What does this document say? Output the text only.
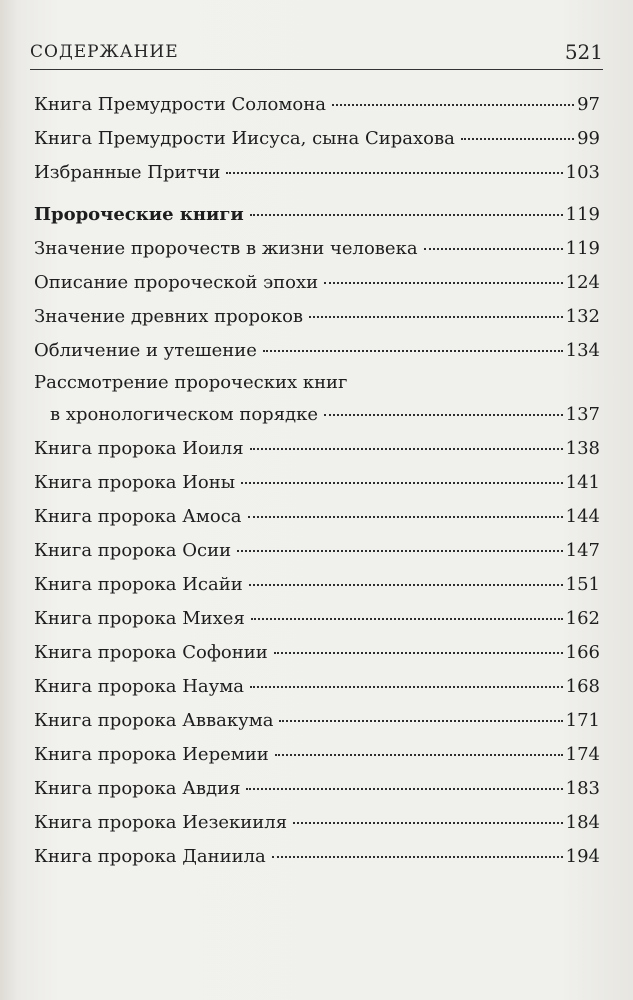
СОДЕРЖАНИЕ	521
Книга Премудрости Соломона	97
Книга Премудрости Иисуса, сына Сирахова	99
Избранные Притчи	103
Пророческие книги	119
Значение пророчеств в жизни человека	119
Описание пророческой эпохи	124
Значение древних пророков	132
Обличение и утешение	134
Рассмотрение пророческих книг
в хронологическом порядке	137
Книга пророка Иоиля	138
Книга пророка Ионы	141
Книга пророка Амоса	144
Книга пророка Осии	147
Книга пророка Исайи	151
Книга пророка Михея	162
Книга пророка Софонии	166
Книга пророка Наума	168
Книга пророка Аввакума	171
Книга пророка Иеремии	174
Книга пророка Авдия	183
Книга пророка Иезекииля	184
Книга пророка Даниила	194
